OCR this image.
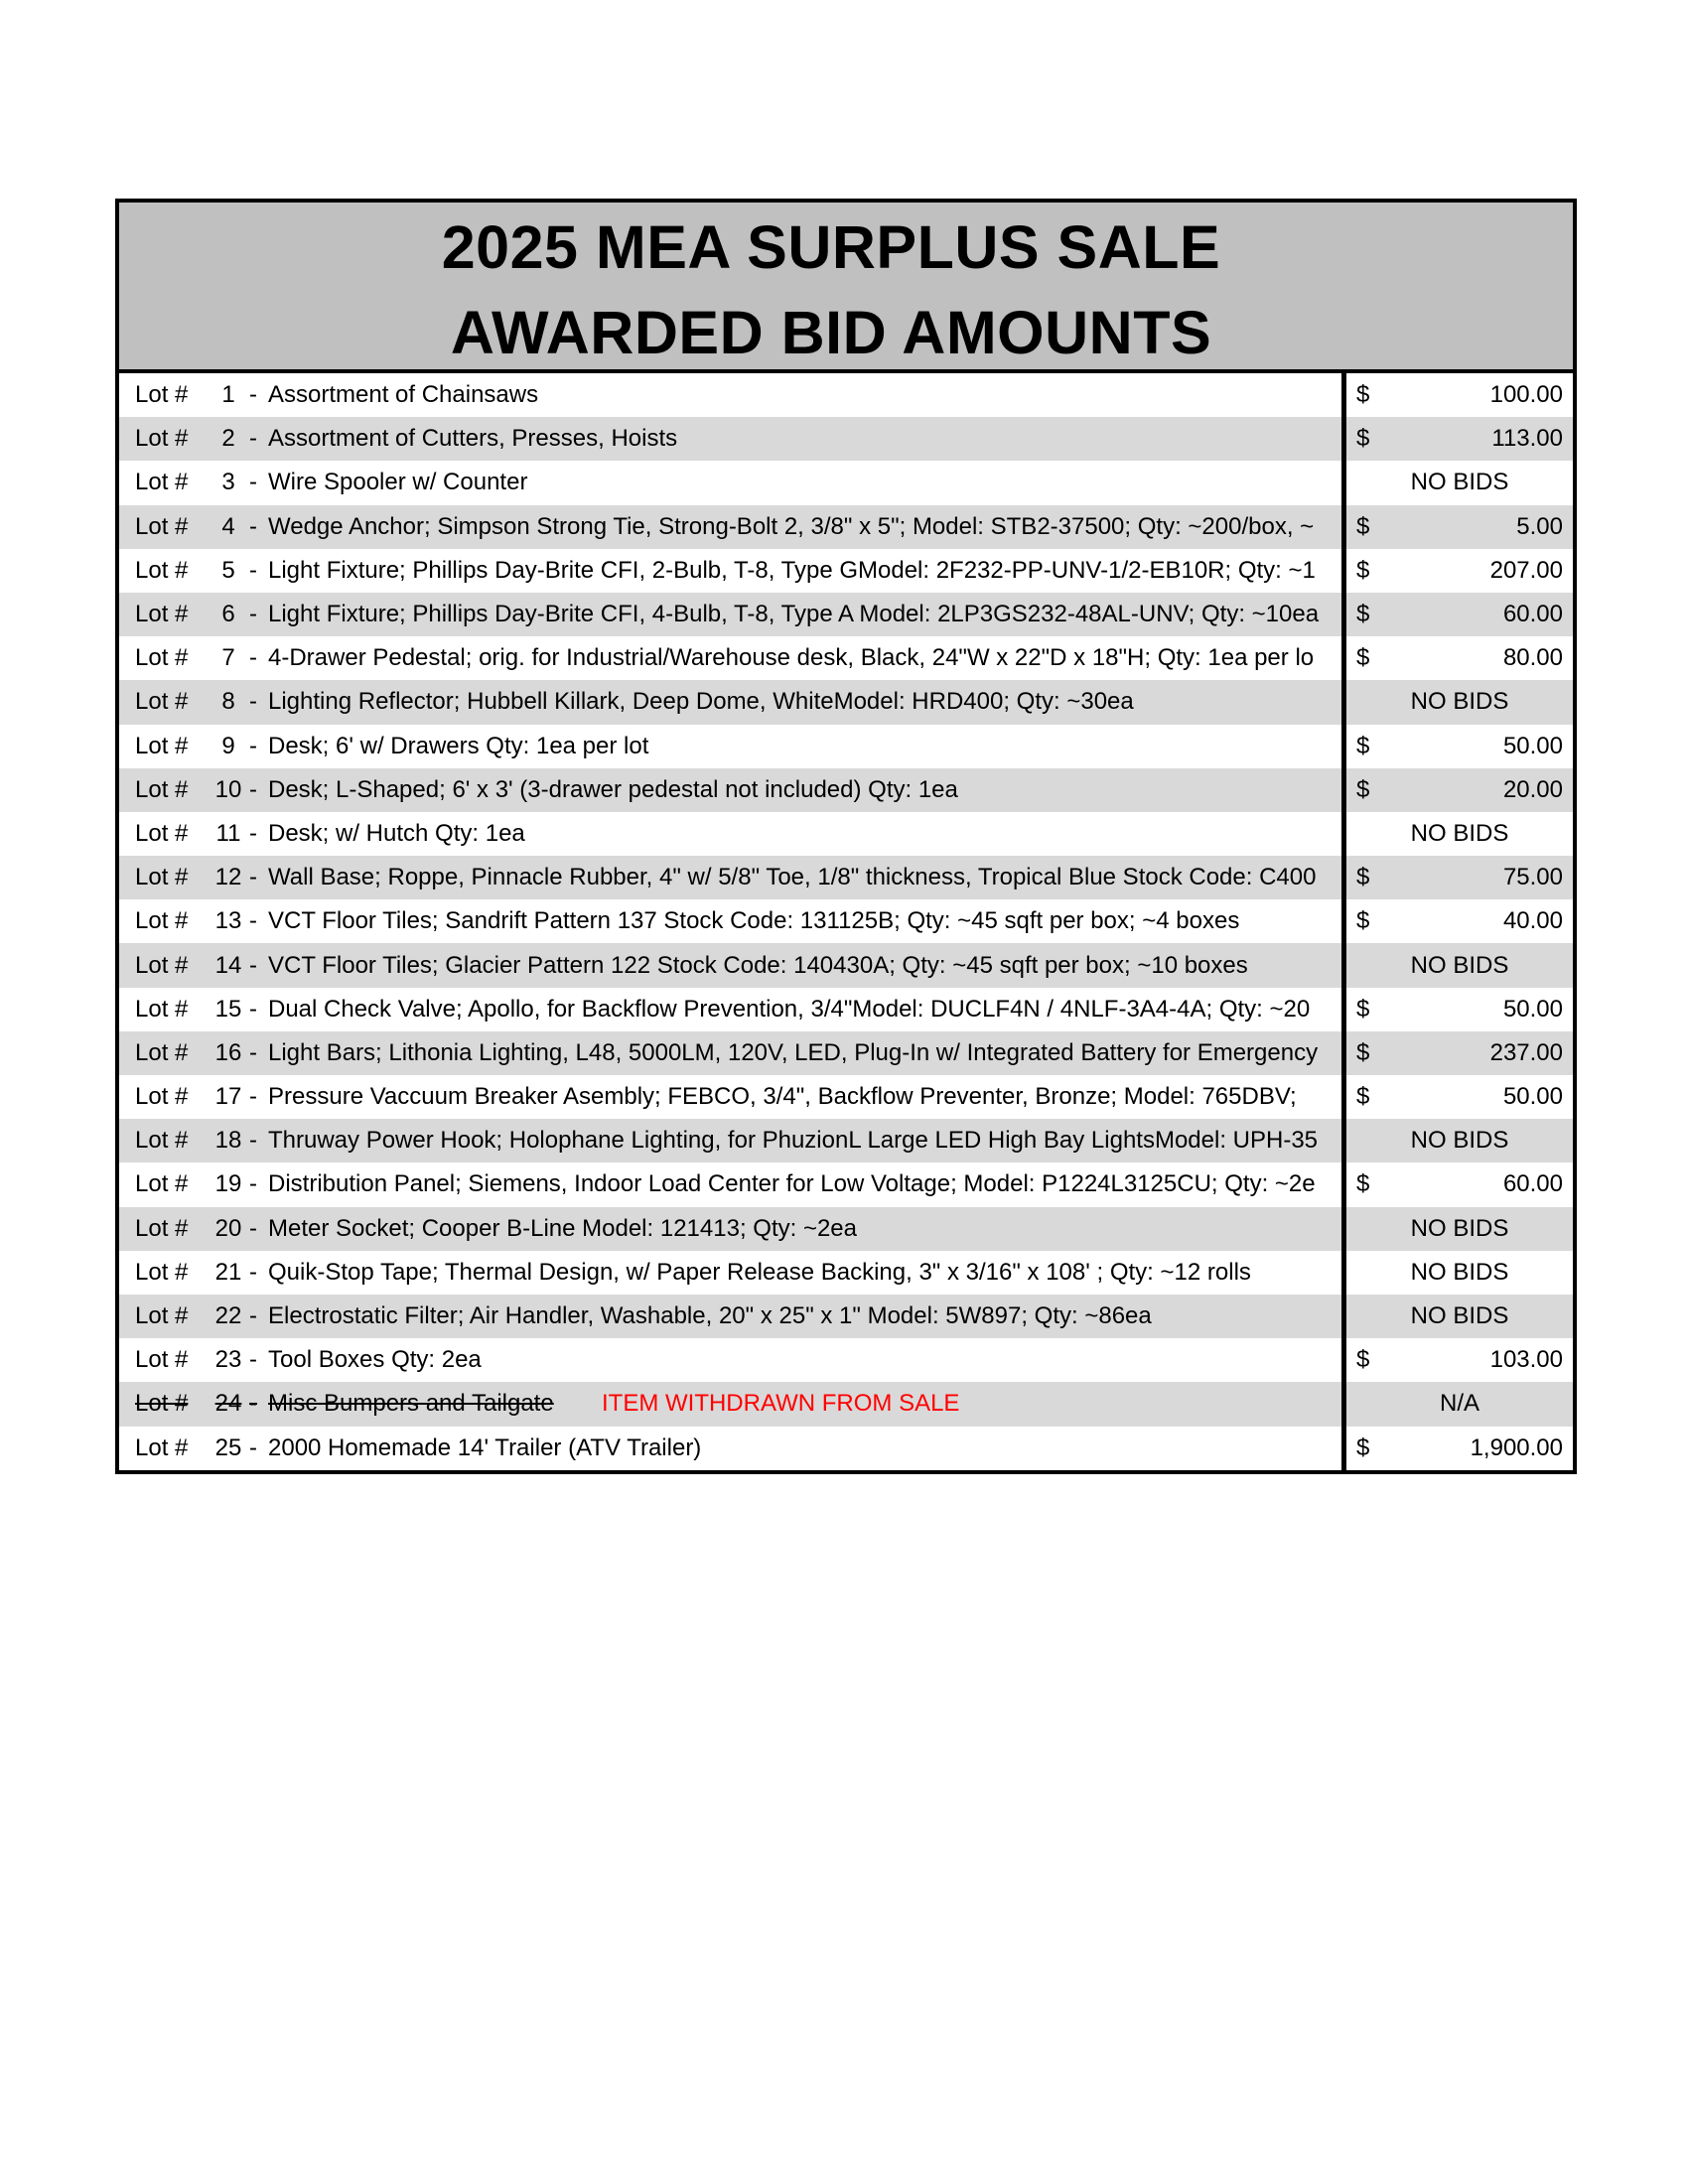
2025 MEA SURPLUS SALE
AWARDED BID AMOUNTS
Lot #	1 - Assortment of Chainsaws	$	100.00
Lot #	2 - Assortment of Cutters, Presses, Hoists	$	113.00
Lot #	3 - Wire Spooler w/ Counter	NO BIDS
Lot #	4 - Wedge Anchor; Simpson Strong Tie, Strong-Bolt 2, 3/8" x 5"; Model: STB2-37500; Qty: ~200/box, ~ $	5.00
Lot #	5 - Light Fixture; Phillips Day-Brite CFI, 2-Bulb, T-8, Type GModel: 2F232-PP-UNV-1/2-EB10R; Qty: ~1 $	207.00
Lot #	6 - Light Fixture; Phillips Day-Brite CFI, 4-Bulb, T-8, Type A Model: 2LP3GS232-48AL-UNV; Qty: ~10ea $	60.00
Lot #	7 - 4-Drawer Pedestal; orig. for Industrial/Warehouse desk, Black, 24"W x 22"D x 18"H; Qty: 1ea per lo $	80.00
Lot #	8 - Lighting Reflector; Hubbell Killark, Deep Dome, WhiteModel: HRD400; Qty: ~30ea	NO BIDS
Lot #	9 - Desk; 6' w/ Drawers Qty: 1ea per lot	$	50.00
Lot #	10 - Desk; L-Shaped; 6' x 3' (3-drawer pedestal not included) Qty: 1ea	$	20.00
Lot #	11 - Desk; w/ Hutch Qty: 1ea	NO BIDS
Lot #	12 - Wall Base; Roppe, Pinnacle Rubber, 4" w/ 5/8" Toe, 1/8" thickness, Tropical Blue Stock Code: C400 $	75.00
Lot #	13 - VCT Floor Tiles; Sandrift Pattern 137 Stock Code: 131125B; Qty: ~45 sqft per box; ~4 boxes	$	40.00
Lot #	14 - VCT Floor Tiles; Glacier Pattern 122 Stock Code: 140430A; Qty: ~45 sqft per box; ~10 boxes	NO BIDS
Lot #	15 - Dual Check Valve; Apollo, for Backflow Prevention, 3/4"Model: DUCLF4N / 4NLF-3A4-4A; Qty: ~20 $	50.00
Lot #	16 - Light Bars; Lithonia Lighting, L48, 5000LM, 120V, LED, Plug-In w/ Integrated Battery for Emergency $	237.00
Lot #	17 - Pressure Vaccuum Breaker Asembly; FEBCO, 3/4", Backflow Preventer, Bronze; Model: 765DBV;	$	50.00
Lot #	18 - Thruway Power Hook; Holophane Lighting, for PhuzionL Large LED High Bay LightsModel: UPH-35	NO BIDS
Lot #	19 - Distribution Panel; Siemens, Indoor Load Center for Low Voltage; Model: P1224L3125CU; Qty: ~2e $	60.00
Lot #	20 - Meter Socket; Cooper B-Line Model: 121413; Qty: ~2ea	NO BIDS
Lot #	21 - Quik-Stop Tape; Thermal Design, w/ Paper Release Backing, 3" x 3/16" x 108' ; Qty: ~12 rolls	NO BIDS
Lot #	22 - Electrostatic Filter; Air Handler, Washable, 20" x 25" x 1" Model: 5W897; Qty: ~86ea	NO BIDS
Lot #	23 - Tool Boxes Qty: 2ea	$	103.00
Lot #	24 - Misc Bumpers and Tailgate ITEM WITHDRAWN FROM SALE	N/A
Lot #	25 - 2000 Homemade 14' Trailer (ATV Trailer)	$	1,900.00
